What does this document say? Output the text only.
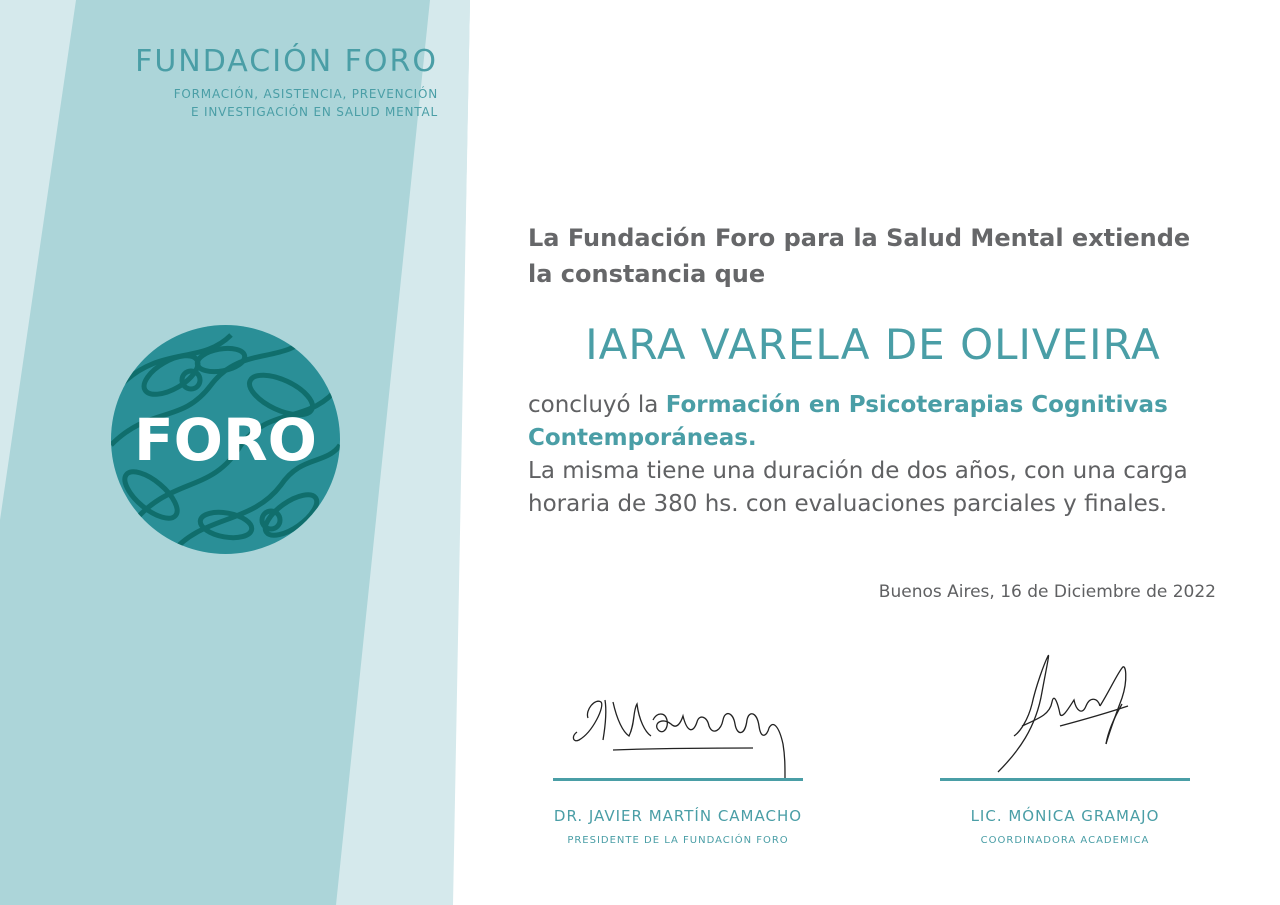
FUNDACIÓN FORO
FORMACIÓN, ASISTENCIA, PREVENCIÓN
E INVESTIGACIÓN EN SALUD MENTAL
FORO
La Fundación Foro para la Salud Mental extiende la constancia que
IARA VARELA DE OLIVEIRA
concluyó la Formación en Psicoterapias Cognitivas Contemporáneas.
La misma tiene una duración de dos años, con una carga horaria de 380 hs. con evaluaciones parciales y finales.
Buenos Aires, 16 de Diciembre de 2022
DR. JAVIER MARTÍN CAMACHO
PRESIDENTE DE LA FUNDACIÓN FORO
LIC. MÓNICA GRAMAJO
COORDINADORA ACADEMICA
